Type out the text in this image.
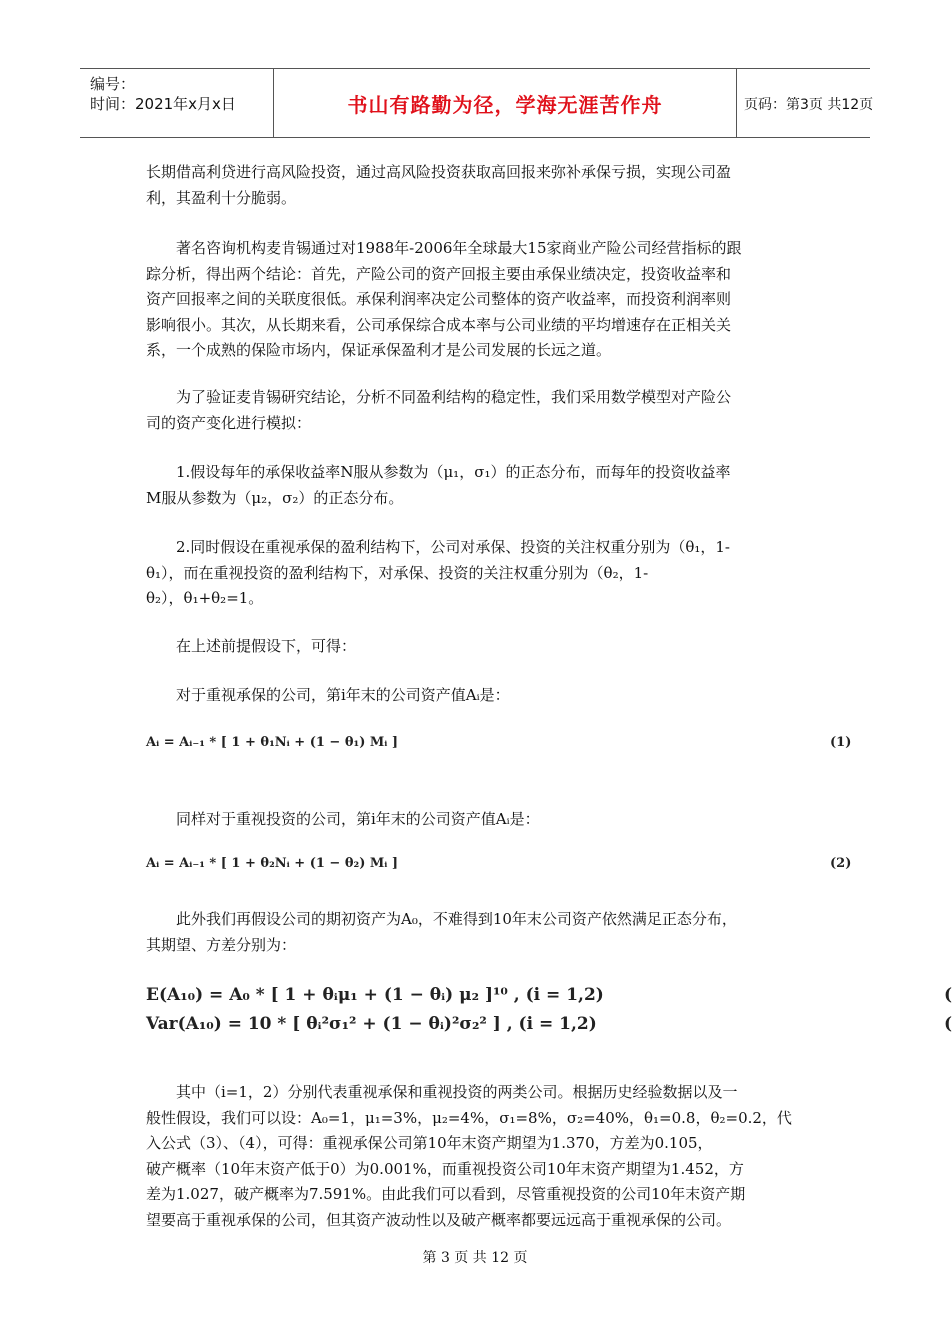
编号：
时间：2021年x月x日	书山有路勤为径，学海无涯苦作舟	页码：第3页 共12页
长期借高利贷进行高风险投资，通过高风险投资获取高回报来弥补承保亏损，实现公司盈
利，其盈利十分脆弱。
著名咨询机构麦肯锡通过对1988年-2006年全球最大15家商业产险公司经营指标的跟
踪分析，得出两个结论：首先，产险公司的资产回报主要由承保业绩决定，投资收益率和
资产回报率之间的关联度很低。承保利润率决定公司整体的资产收益率，而投资利润率则
影响很小。其次，从长期来看，公司承保综合成本率与公司业绩的平均增速存在正相关关
系，一个成熟的保险市场内，保证承保盈利才是公司发展的长远之道。
为了验证麦肯锡研究结论，分析不同盈利结构的稳定性，我们采用数学模型对产险公
司的资产变化进行模拟：
1.假设每年的承保收益率N服从参数为（μ₁，σ₁）的正态分布，而每年的投资收益率
M服从参数为（μ₂，σ₂）的正态分布。
2.同时假设在重视承保的盈利结构下，公司对承保、投资的关注权重分别为（θ₁，1-
θ₁），而在重视投资的盈利结构下，对承保、投资的关注权重分别为（θ₂，1-
θ₂），θ₁+θ₂=1。
在上述前提假设下，可得：
对于重视承保的公司，第i年末的公司资产值Aᵢ是：
Aᵢ = Aᵢ₋₁ * [ 1 + θ₁Nᵢ + (1 − θ₁) Mᵢ ]	(1)
同样对于重视投资的公司，第i年末的公司资产值Aᵢ是：
Aᵢ = Aᵢ₋₁ * [ 1 + θ₂Nᵢ + (1 − θ₂) Mᵢ ]	(2)
此外我们再假设公司的期初资产为A₀，不难得到10年末公司资产依然满足正态分布，
其期望、方差分别为：
E(A₁₀) = A₀ * [ 1 + θᵢμ₁ + (1 − θᵢ) μ₂ ]¹⁰ , (i = 1,2)
Var(A₁₀) = 10 * [ θᵢ²σ₁² + (1 − θᵢ)²σ₂² ] , (i = 1,2)
(
(
其中（i=1，2）分别代表重视承保和重视投资的两类公司。根据历史经验数据以及一
般性假设，我们可以设：A₀=1，μ₁=3%，μ₂=4%，σ₁=8%，σ₂=40%，θ₁=0.8，θ₂=0.2，代
入公式（3）、（4），可得：重视承保公司第10年末资产期望为1.370，方差为0.105，
破产概率（10年末资产低于0）为0.001%，而重视投资公司10年末资产期望为1.452，方
差为1.027，破产概率为7.591%。由此我们可以看到，尽管重视投资的公司10年末资产期
望要高于重视承保的公司，但其资产波动性以及破产概率都要远远高于重视承保的公司。
第 3 页 共 12 页
